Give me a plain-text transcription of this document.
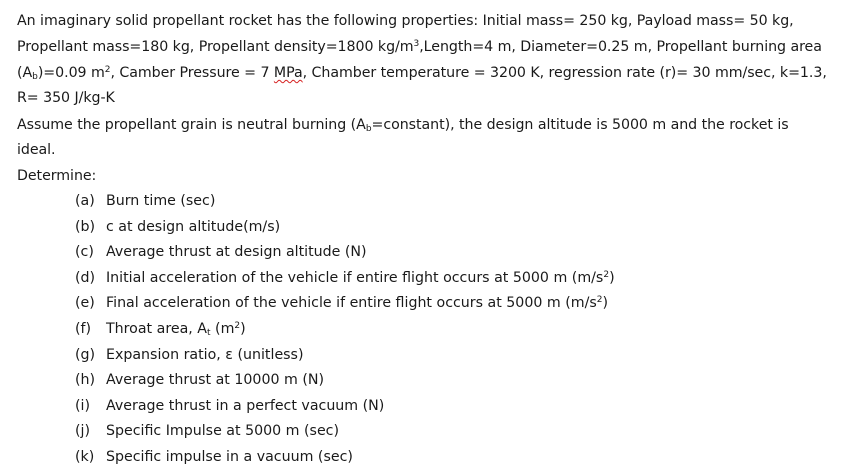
An imaginary solid propellant rocket has the following properties: Initial mass= 250 kg, Payload mass= 50 kg,
Propellant mass=180 kg, Propellant density=1800 $kg/m^3,Length=4$ m, Diameter=0.25 m, Propellant burning area
$(A_b)=0.09$ $m^2$, Camber Pressure = 7 MPa, Chamber temperature = 3200 K, regression rate (r)= 30 mm/sec, k=1.3,
R= 350 J/kg-K
Assume the propellant grain is neutral burning $(A_b=constant)$, the design altitude is 5000 m and the rocket is
ideal.
Determine:
(a) Burn time (sec)
(b) c at design altitude(m/s)
(c) Average thrust at design altitude (N)
(d) Initial acceleration of the vehicle if entire flight occurs at 5000 m $(m/s^2)$
(e) Final acceleration of the vehicle if entire flight occurs at 5000 m $(m/s^2)$
(f) Throat area, $A_t$ $(m^2)$
(g) Expansion ratio, ε (unitless)
(h) Average thrust at 10000 m (N)
(i) Average thrust in a perfect vacuum (N)
(j) Specific Impulse at 5000 m (sec)
(k) Specific impulse in a vacuum (sec)
